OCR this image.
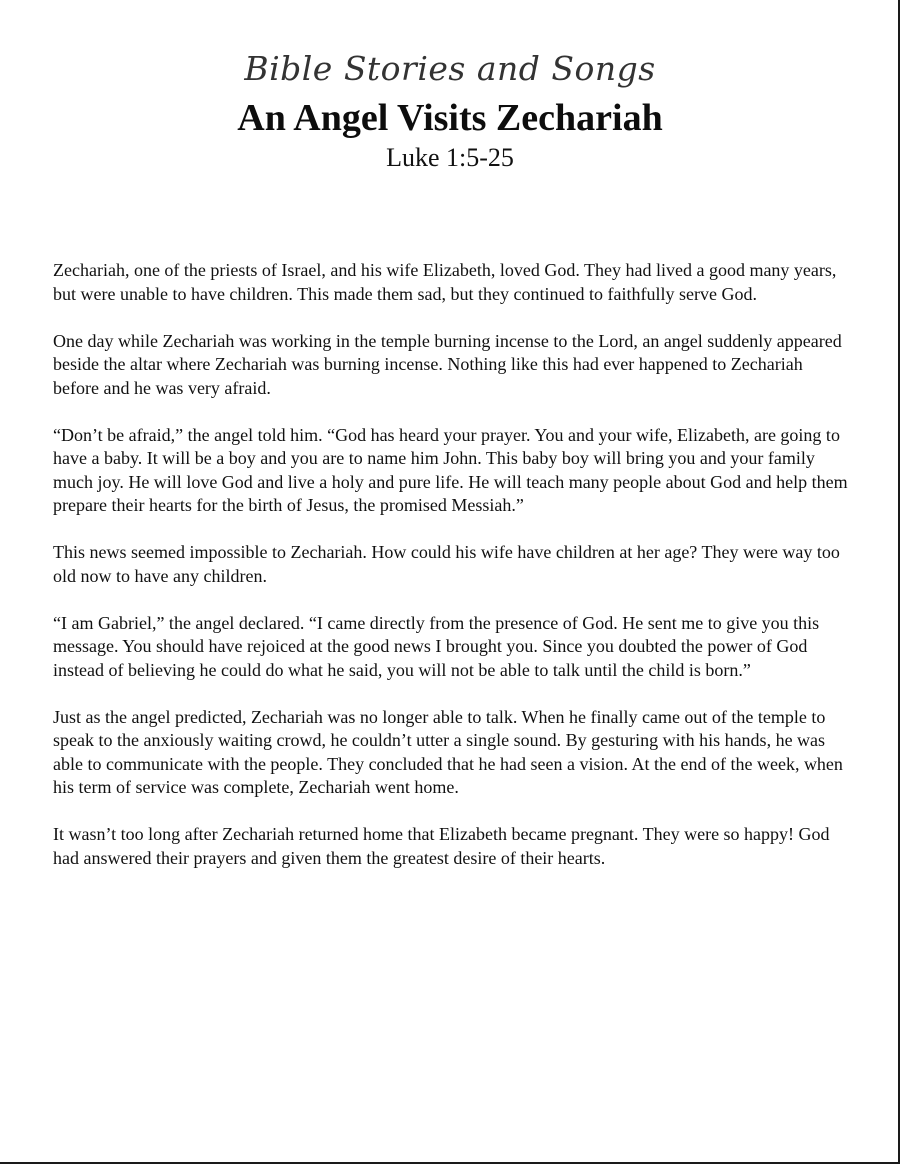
Bible Stories and Songs

An Angel Visits Zechariah

Luke 1:5-25

Zechariah, one of the priests of Israel, and his wife Elizabeth, loved God. They had lived a good many years, but were unable to have children. This made them sad, but they continued to faithfully serve God.

One day while Zechariah was working in the temple burning incense to the Lord, an angel suddenly appeared beside the altar where Zechariah was burning incense. Nothing like this had ever happened to Zechariah before and he was very afraid.

“Don’t be afraid,” the angel told him. “God has heard your prayer. You and your wife, Elizabeth, are going to have a baby. It will be a boy and you are to name him John. This baby boy will bring you and your family much joy. He will love God and live a holy and pure life. He will teach many people about God and help them prepare their hearts for the birth of Jesus, the promised Messiah.”

This news seemed impossible to Zechariah. How could his wife have children at her age? They were way too old now to have any children.

“I am Gabriel,” the angel declared. “I came directly from the presence of God. He sent me to give you this message. You should have rejoiced at the good news I brought you. Since you doubted the power of God instead of believing he could do what he said, you will not be able to talk until the child is born.”

Just as the angel predicted, Zechariah was no longer able to talk. When he finally came out of the temple to speak to the anxiously waiting crowd, he couldn’t utter a single sound. By gesturing with his hands, he was able to communicate with the people. They concluded that he had seen a vision. At the end of the week, when his term of service was complete, Zechariah went home.

It wasn’t too long after Zechariah returned home that Elizabeth became pregnant. They were so happy! God had answered their prayers and given them the greatest desire of their hearts.
